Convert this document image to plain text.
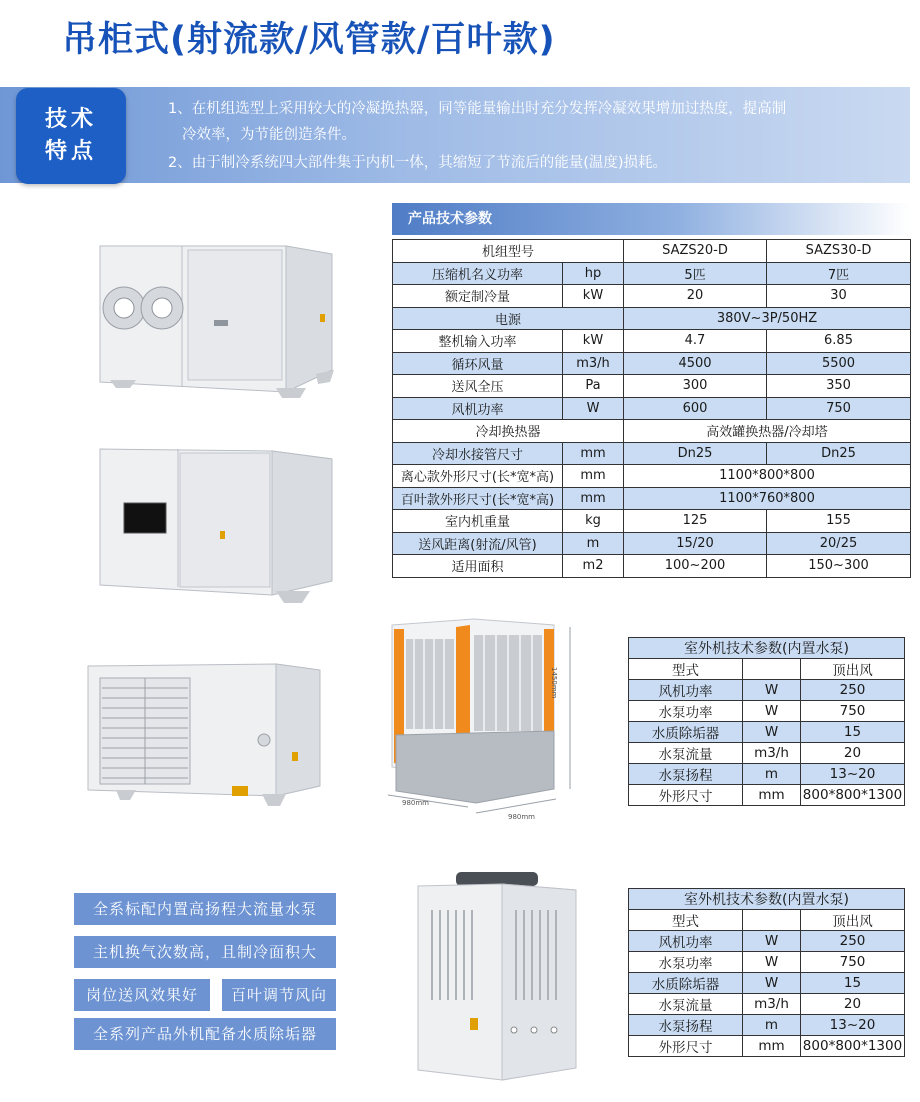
吊柜式(射流款/风管款/百叶款)
技术
特点
1、在机组选型上采用较大的冷凝换热器，同等能量输出时充分发挥冷凝效果增加过热度，提高制
冷效率，为节能创造条件。
2、由于制冷系统四大部件集于内机一体，其缩短了节流后的能量(温度)损耗。
1450mm
980mm
980mm
产品技术参数
机组型号		SAZS20-D	SAZS30-D
压缩机名义功率	hp	5匹	7匹
额定制冷量	kW	20	30
电源		380V~3P/50HZ	
整机输入功率	kW	4.7	6.85
循环风量	m3/h	4500	5500
送风全压	Pa	300	350
风机功率	W	600	750
冷却换热器		高效罐换热器/冷却塔	
冷却水接管尺寸	mm	Dn25	Dn25
离心款外形尺寸(长*宽*高)	mm	1100*800*800	
百叶款外形尺寸(长*宽*高)	mm	1100*760*800	
室内机重量	kg	125	155
送风距离(射流/风管)	m	15/20	20/25
适用面积	m2	100~200	150~300
室外机技术参数(内置水泵)		
型式		顶出风
风机功率	W	250
水泵功率	W	750
水质除垢器	W	15
水泵流量	m3/h	20
水泵扬程	m	13~20
外形尺寸	mm	800*800*1300
室外机技术参数(内置水泵)		
型式		顶出风
风机功率	W	250
水泵功率	W	750
水质除垢器	W	15
水泵流量	m3/h	20
水泵扬程	m	13~20
外形尺寸	mm	800*800*1300
全系标配内置高扬程大流量水泵
主机换气次数高，且制冷面积大
岗位送风效果好	百叶调节风向
全系列产品外机配备水质除垢器
